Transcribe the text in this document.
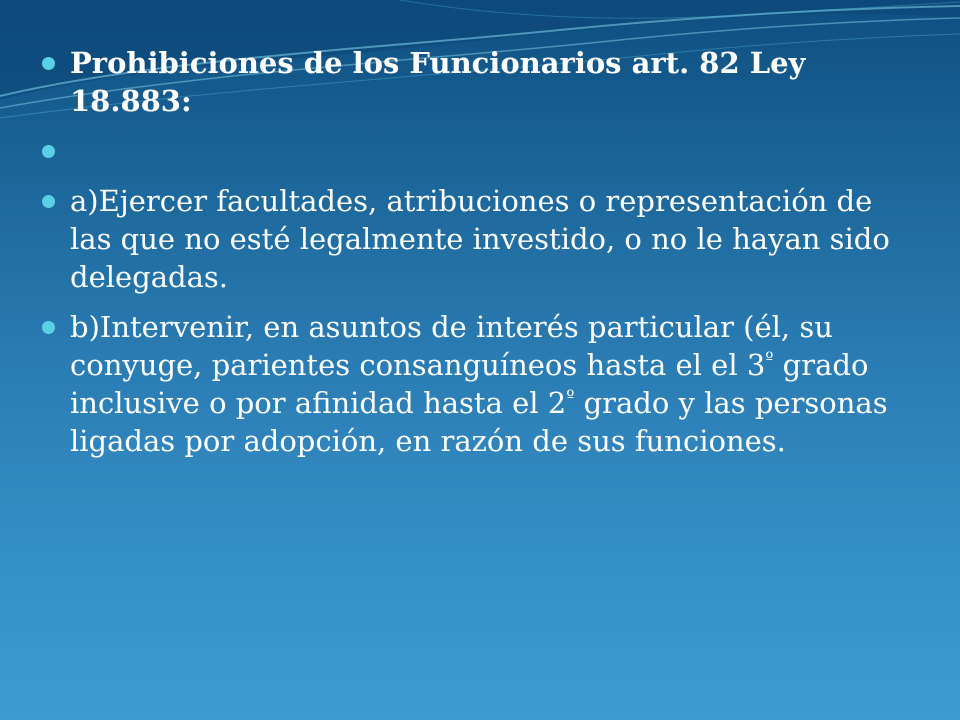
Prohibiciones de los Funcionarios art. 82 Ley 18.883:
a)Ejercer facultades, atribuciones o representación de las que no esté legalmente investido, o no le hayan sido delegadas.
b)Intervenir, en asuntos de interés particular (él, su conyuge, parientes consanguíneos hasta el el $3^º$ grado inclusive o por afinidad hasta el $2^º$ grado y las personas ligadas por adopción, en razón de sus funciones.
